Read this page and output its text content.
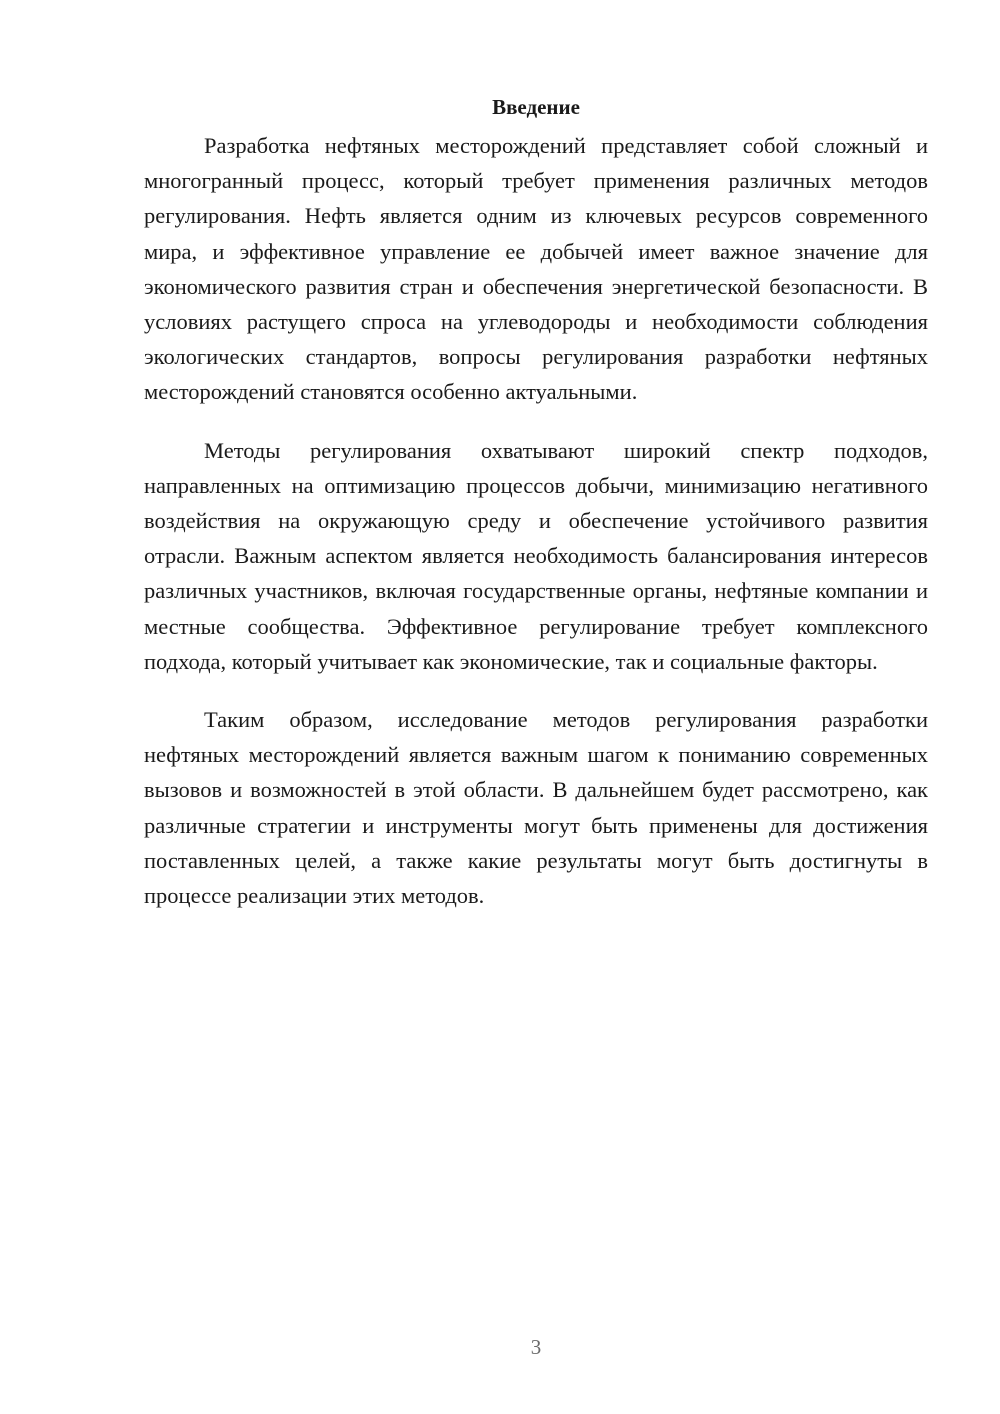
Введение

Разработка нефтяных месторождений представляет собой сложный и многогранный процесс, который требует применения различных методов регулирования. Нефть является одним из ключевых ресурсов современного мира, и эффективное управление ее добычей имеет важное значение для экономического развития стран и обеспечения энергетической безопасности. В условиях растущего спроса на углеводороды и необходимости соблюдения экологических стандартов, вопросы регулирования разработки нефтяных месторождений становятся особенно актуальными.

Методы регулирования охватывают широкий спектр подходов, направленных на оптимизацию процессов добычи, минимизацию негативного воздействия на окружающую среду и обеспечение устойчивого развития отрасли. Важным аспектом является необходимость балансирования интересов различных участников, включая государственные органы, нефтяные компании и местные сообщества. Эффективное регулирование требует комплексного подхода, который учитывает как экономические, так и социальные факторы.

Таким образом, исследование методов регулирования разработки нефтяных месторождений является важным шагом к пониманию современных вызовов и возможностей в этой области. В дальнейшем будет рассмотрено, как различные стратегии и инструменты могут быть применены для достижения поставленных целей, а также какие результаты могут быть достигнуты в процессе реализации этих методов.

3
